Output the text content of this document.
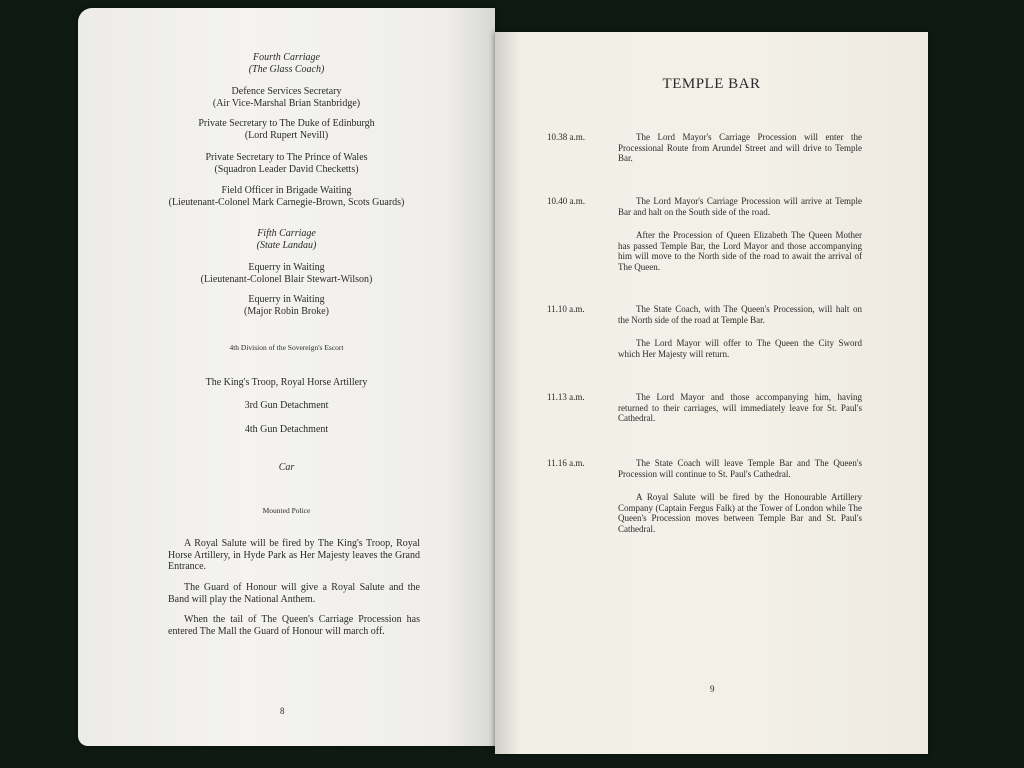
Fourth Carriage
(The Glass Coach)
Defence Services Secretary
(Air Vice-Marshal Brian Stanbridge)
Private Secretary to The Duke of Edinburgh
(Lord Rupert Nevill)
Private Secretary to The Prince of Wales
(Squadron Leader David Checketts)
Field Officer in Brigade Waiting
(Lieutenant-Colonel Mark Carnegie-Brown, Scots Guards)
Fifth Carriage
(State Landau)
Equerry in Waiting
(Lieutenant-Colonel Blair Stewart-Wilson)
Equerry in Waiting
(Major Robin Broke)
4th Division of the Sovereign's Escort
The King's Troop, Royal Horse Artillery
3rd Gun Detachment
4th Gun Detachment
Car
Mounted Police
A Royal Salute will be fired by The King's Troop, Royal Horse Artillery, in Hyde Park as Her Majesty leaves the Grand Entrance.
The Guard of Honour will give a Royal Salute and the Band will play the National Anthem.
When the tail of The Queen's Carriage Procession has entered The Mall the Guard of Honour will march off.
8
TEMPLE BAR
10.38 a.m.	The Lord Mayor's Carriage Procession will enter the Processional Route from Arundel Street and will drive to Temple Bar.
10.40 a.m.	The Lord Mayor's Carriage Procession will arrive at Temple Bar and halt on the South side of the road.
After the Procession of Queen Elizabeth The Queen Mother has passed Temple Bar, the Lord Mayor and those accompanying him will move to the North side of the road to await the arrival of The Queen.
11.10 a.m.	The State Coach, with The Queen's Procession, will halt on the North side of the road at Temple Bar.
The Lord Mayor will offer to The Queen the City Sword which Her Majesty will return.
11.13 a.m.	The Lord Mayor and those accompanying him, having returned to their carriages, will immediately leave for St. Paul's Cathedral.
11.16 a.m.	The State Coach will leave Temple Bar and The Queen's Procession will continue to St. Paul's Cathedral.
A Royal Salute will be fired by the Honourable Artillery Company (Captain Fergus Falk) at the Tower of London while The Queen's Procession moves between Temple Bar and St. Paul's Cathedral.
9
